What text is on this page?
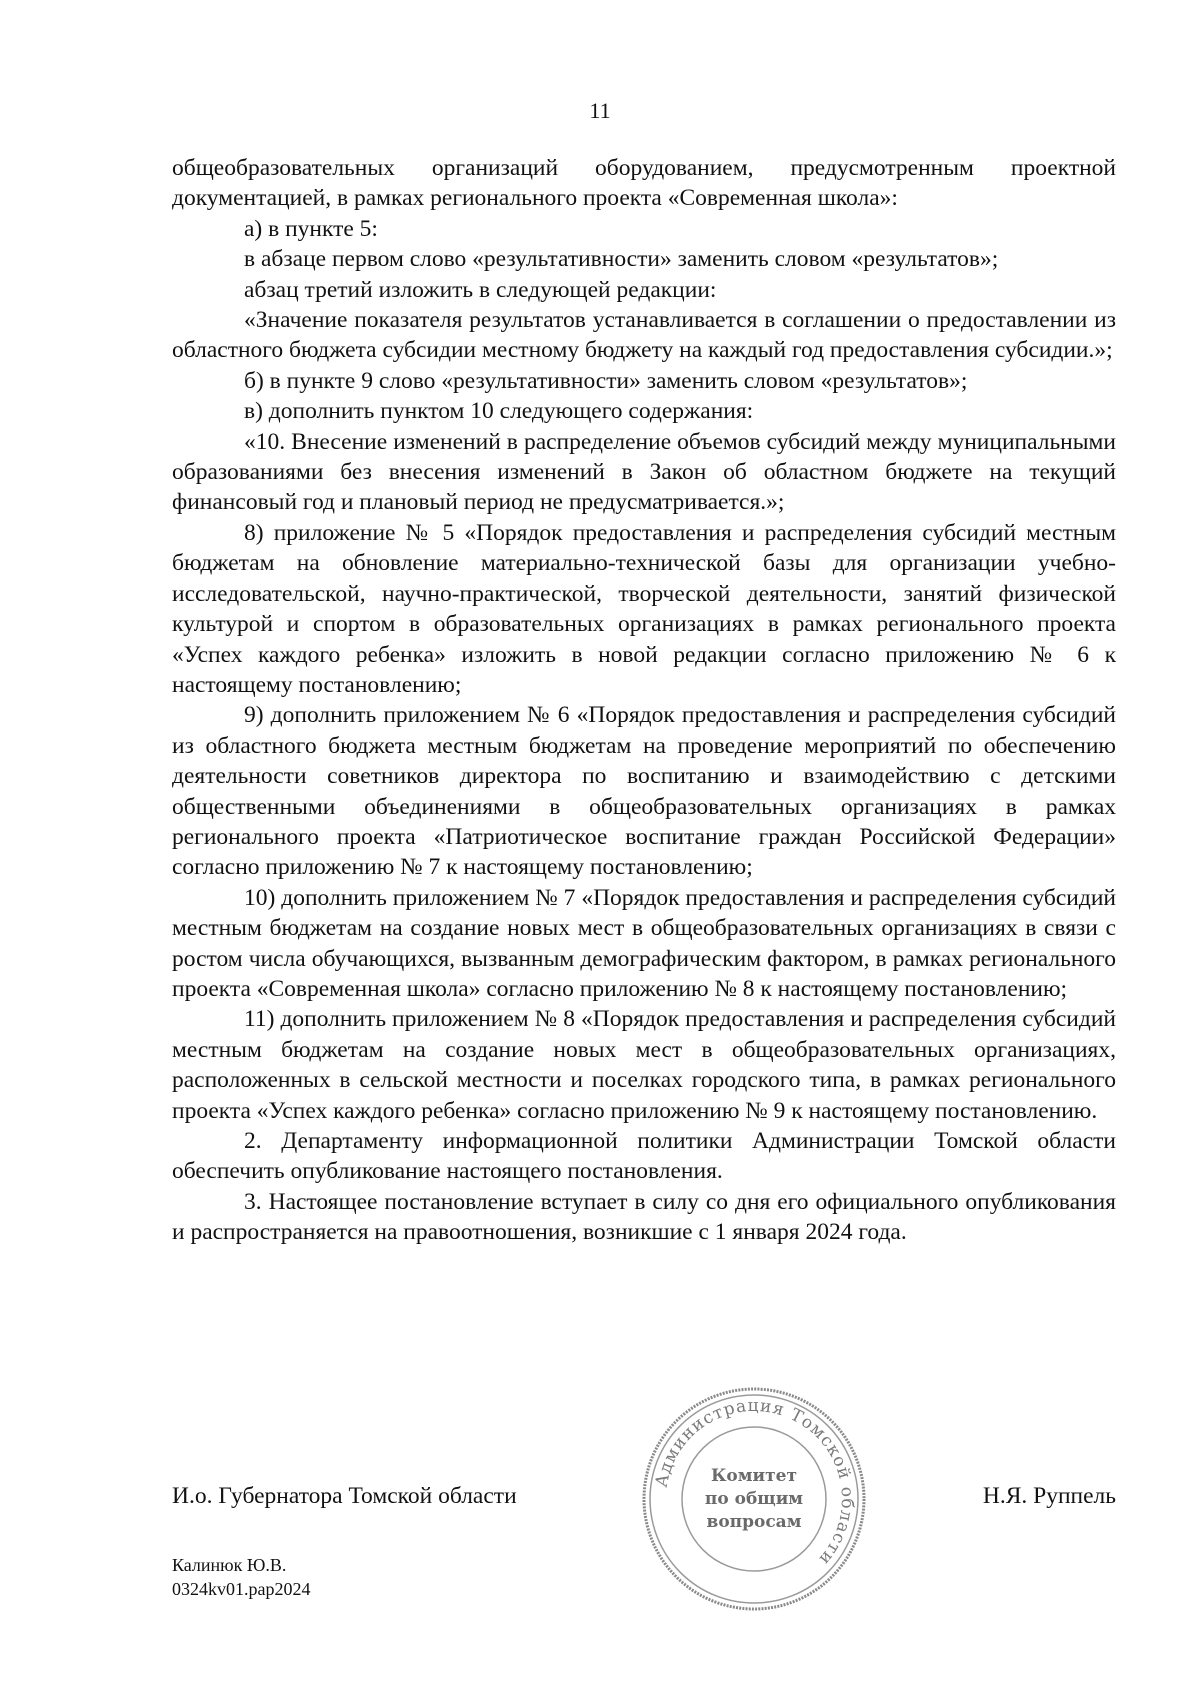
11

общеобразовательных организаций оборудованием, предусмотренным проектной документацией, в рамках регионального проекта «Современная школа»:

а) в пункте 5:

в абзаце первом слово «результативности» заменить словом «результатов»;

абзац третий изложить в следующей редакции:

«Значение показателя результатов устанавливается в соглашении о предоставлении из областного бюджета субсидии местному бюджету на каждый год предоставления субсидии.»;

б) в пункте 9 слово «результативности» заменить словом «результатов»;

в) дополнить пунктом 10 следующего содержания:

«10. Внесение изменений в распределение объемов субсидий между муниципальными образованиями без внесения изменений в Закон об областном бюджете на текущий финансовый год и плановый период не предусматривается.»;

8) приложение № 5 «Порядок предоставления и распределения субсидий местным бюджетам на обновление материально-технической базы для организации учебно-исследовательской, научно-практической, творческой деятельности, занятий физической культурой и спортом в образовательных организациях в рамках регионального проекта «Успех каждого ребенка» изложить в новой редакции согласно приложению № 6 к настоящему постановлению;

9) дополнить приложением № 6 «Порядок предоставления и распределения субсидий из областного бюджета местным бюджетам на проведение мероприятий по обеспечению деятельности советников директора по воспитанию и взаимодействию с детскими общественными объединениями в общеобразовательных организациях в рамках регионального проекта «Патриотическое воспитание граждан Российской Федерации» согласно приложению № 7 к настоящему постановлению;

10) дополнить приложением № 7 «Порядок предоставления и распределения субсидий местным бюджетам на создание новых мест в общеобразовательных организациях в связи с ростом числа обучающихся, вызванным демографическим фактором, в рамках регионального проекта «Современная школа» согласно приложению № 8 к настоящему постановлению;

11) дополнить приложением № 8 «Порядок предоставления и распределения субсидий местным бюджетам на создание новых мест в общеобразовательных организациях, расположенных в сельской местности и поселках городского типа, в рамках регионального проекта «Успех каждого ребенка» согласно приложению № 9 к настоящему постановлению.

2. Департаменту информационной политики Администрации Томской области обеспечить опубликование настоящего постановления.

3. Настоящее постановление вступает в силу со дня его официального опубликования и распространяется на правоотношения, возникшие с 1 января 2024 года.

И.о. Губернатора Томской области	Н.Я. Руппель
Администрация Томской области
Комитет
по общим
вопросам
Калинюк Ю.В.
0324kv01.pap2024
